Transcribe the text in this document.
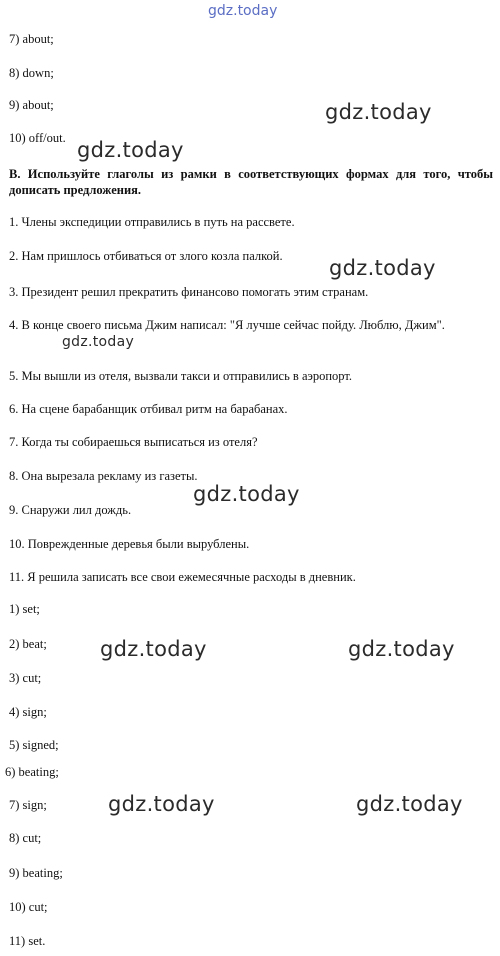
gdz.today
7) about;
8) down;
9) about;
10) off/out.
B. Используйте глаголы из рамки в соответствующих формах для того, чтобы дописать предложения.
1. Члены экспедиции отправились в путь на рассвете.
2. Нам пришлось отбиваться от злого козла палкой.
3. Президент решил прекратить финансово помогать этим странам.
4. В конце своего письма Джим написал: "Я лучше сейчас пойду. Люблю, Джим".
5. Мы вышли из отеля, вызвали такси и отправились в аэропорт.
6. На сцене барабанщик отбивал ритм на барабанах.
7. Когда ты собираешься выписаться из отеля?
8. Она вырезала рекламу из газеты.
9. Снаружи лил дождь.
10. Поврежденные деревья были вырублены.
11. Я решила записать все свои ежемесячные расходы в дневник.
1) set;
2) beat;
3) cut;
4) sign;
5) signed;
6) beating;
7) sign;
8) cut;
9) beating;
10) cut;
11) set.
gdz.today
gdz.today
gdz.today
gdz.today
gdz.today
gdz.today	gdz.today
gdz.today	gdz.today
